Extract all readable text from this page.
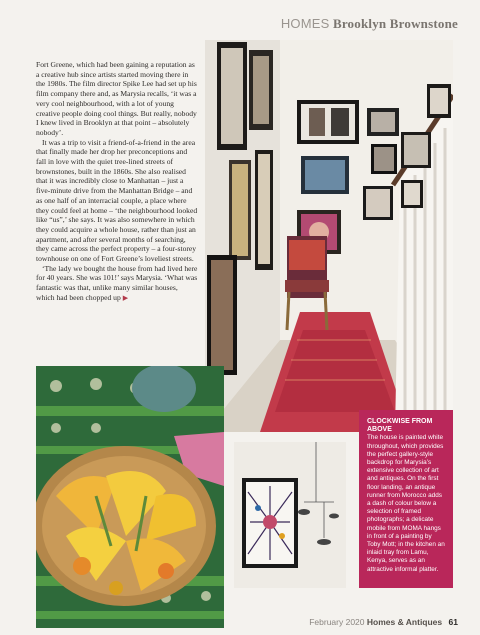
HOMES Brooklyn Brownstone

Fort Greene, which had been gaining a reputation as a creative hub since artists started moving there in the 1980s. The film director Spike Lee had set up his film company there and, as Marysia recalls, ‘it was a very cool neighbourhood, with a lot of young creative people doing cool things. But really, nobody I knew lived in Brooklyn at that point – absolutely nobody’.

It was a trip to visit a friend-of-a-friend in the area that finally made her drop her preconceptions and fall in love with the quiet tree-lined streets of brownstones, built in the 1860s. She also realised that it was incredibly close to Manhattan – just a five-minute drive from the Manhattan Bridge – and as one half of an interracial couple, a place where they could feel at home – ‘the neighbourhood looked like “us”,’ she says. It was also somewhere in which they could acquire a whole house, rather than just an apartment, and after several months of searching, they came across the perfect property – a four-storey townhouse on one of Fort Greene’s loveliest streets.

‘The lady we bought the house from had lived here for 40 years. She was 101!’ says Marysia. ‘What was fantastic was that, unlike many similar houses, which had been chopped up ▶

CLOCKWISE FROM ABOVE
The house is painted white throughout, which provides the perfect gallery-style backdrop for Marysia’s extensive collection of art and antiques. On the first floor landing, an antique runner from Morocco adds a dash of colour below a selection of framed photographs; a delicate mobile from MOMA hangs in front of a painting by Toby Mott; in the kitchen an inlaid tray from Lamu, Kenya, serves as an attractive informal platter.
February 2020 Homes & Antiques 61
